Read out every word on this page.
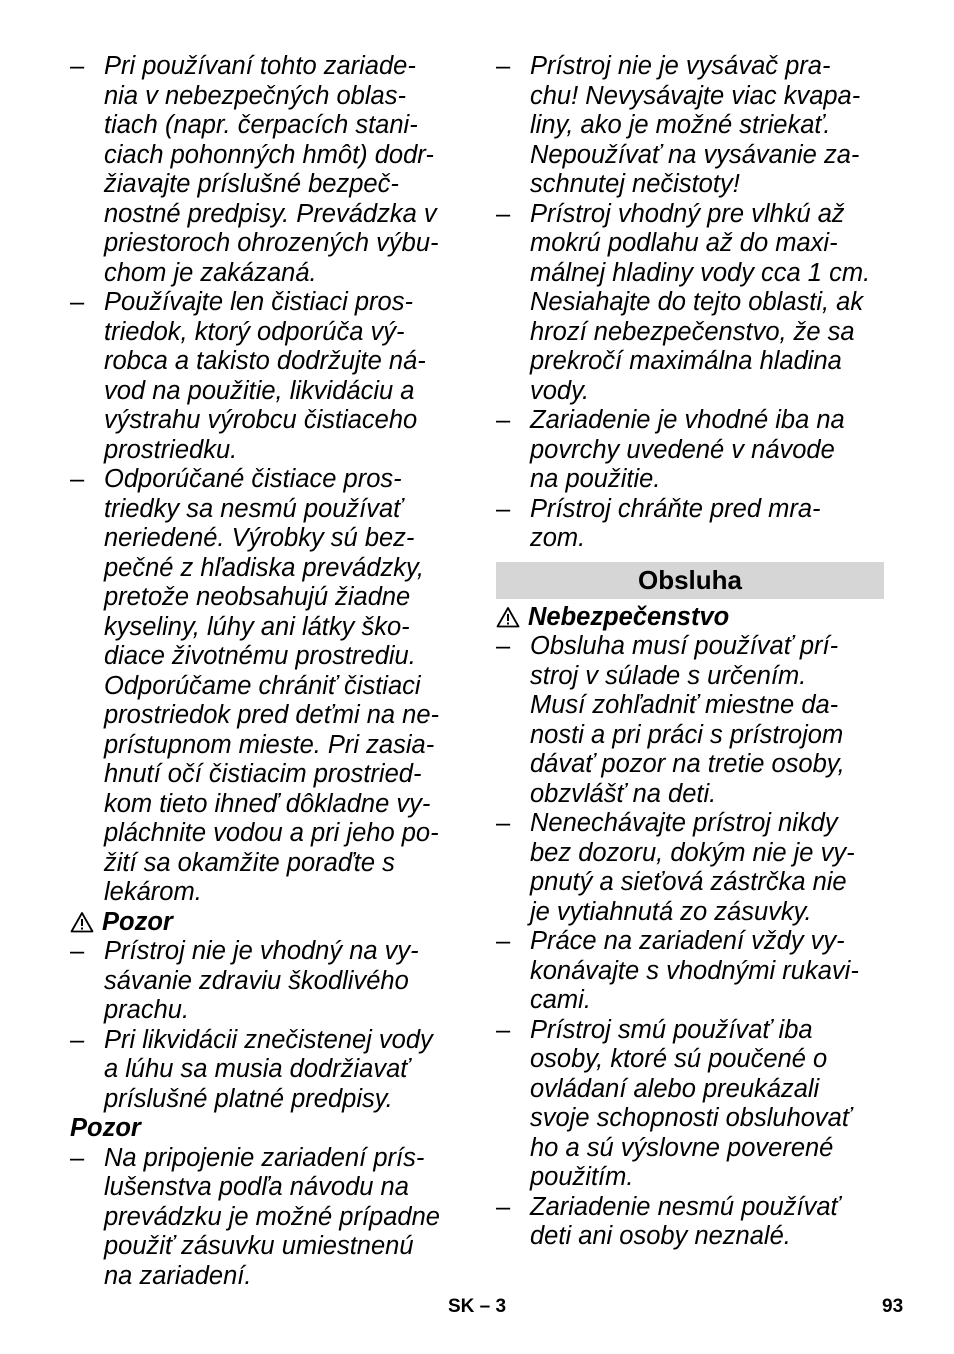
– Pri používaní tohto zariade-
nia v nebezpečných oblas-
tiach (napr. čerpacích stani-
ciach pohonných hmôt) dodr-
žiavajte príslušné bezpeč-
nostné predpisy. Prevádzka v
priestoroch ohrozených výbu-
chom je zakázaná.
– Používajte len čistiaci pros-
triedok, ktorý odporúča vý-
robca a takisto dodržujte ná-
vod na použitie, likvidáciu a
výstrahu výrobcu čistiaceho
prostriedku.
– Odporúčané čistiace pros-
triedky sa nesmú používať
neriedené. Výrobky sú bez-
pečné z hľadiska prevádzky,
pretože neobsahujú žiadne
kyseliny, lúhy ani látky ško-
diace životnému prostrediu.
Odporúčame chrániť čistiaci
prostriedok pred deťmi na ne-
prístupnom mieste. Pri zasia-
hnutí očí čistiacim prostried-
kom tieto ihneď dôkladne vy-
pláchnite vodou a pri jeho po-
žití sa okamžite poraďte s
lekárom.
Pozor
– Prístroj nie je vhodný na vy-
sávanie zdraviu škodlivého
prachu.
– Pri likvidácii znečistenej vody
a lúhu sa musia dodržiavať
príslušné platné predpisy.
Pozor
– Na pripojenie zariadení prís-
lušenstva podľa návodu na
prevádzku je možné prípadne
použiť zásuvku umiestnenú
na zariadení.
– Prístroj nie je vysávač pra-
chu! Nevysávajte viac kvapa-
liny, ako je možné striekať.
Nepoužívať na vysávanie za-
schnutej nečistoty!
– Prístroj vhodný pre vlhkú až
mokrú podlahu až do maxi-
málnej hladiny vody cca 1 cm.
Nesiahajte do tejto oblasti, ak
hrozí nebezpečenstvo, že sa
prekročí maximálna hladina
vody.
– Zariadenie je vhodné iba na
povrchy uvedené v návode
na použitie.
– Prístroj chráňte pred mra-
zom.
Obsluha
Nebezpečenstvo
– Obsluha musí používať prí-
stroj v súlade s určením.
Musí zohľadniť miestne da-
nosti a pri práci s prístrojom
dávať pozor na tretie osoby,
obzvlášť na deti.
– Nenechávajte prístroj nikdy
bez dozoru, dokým nie je vy-
pnutý a sieťová zástrčka nie
je vytiahnutá zo zásuvky.
– Práce na zariadení vždy vy-
konávajte s vhodnými rukavi-
cami.
– Prístroj smú používať iba
osoby, ktoré sú poučené o
ovládaní alebo preukázali
svoje schopnosti obsluhovať
ho a sú výslovne poverené
použitím.
– Zariadenie nesmú používať
deti ani osoby neznalé.
SK – 3	93
